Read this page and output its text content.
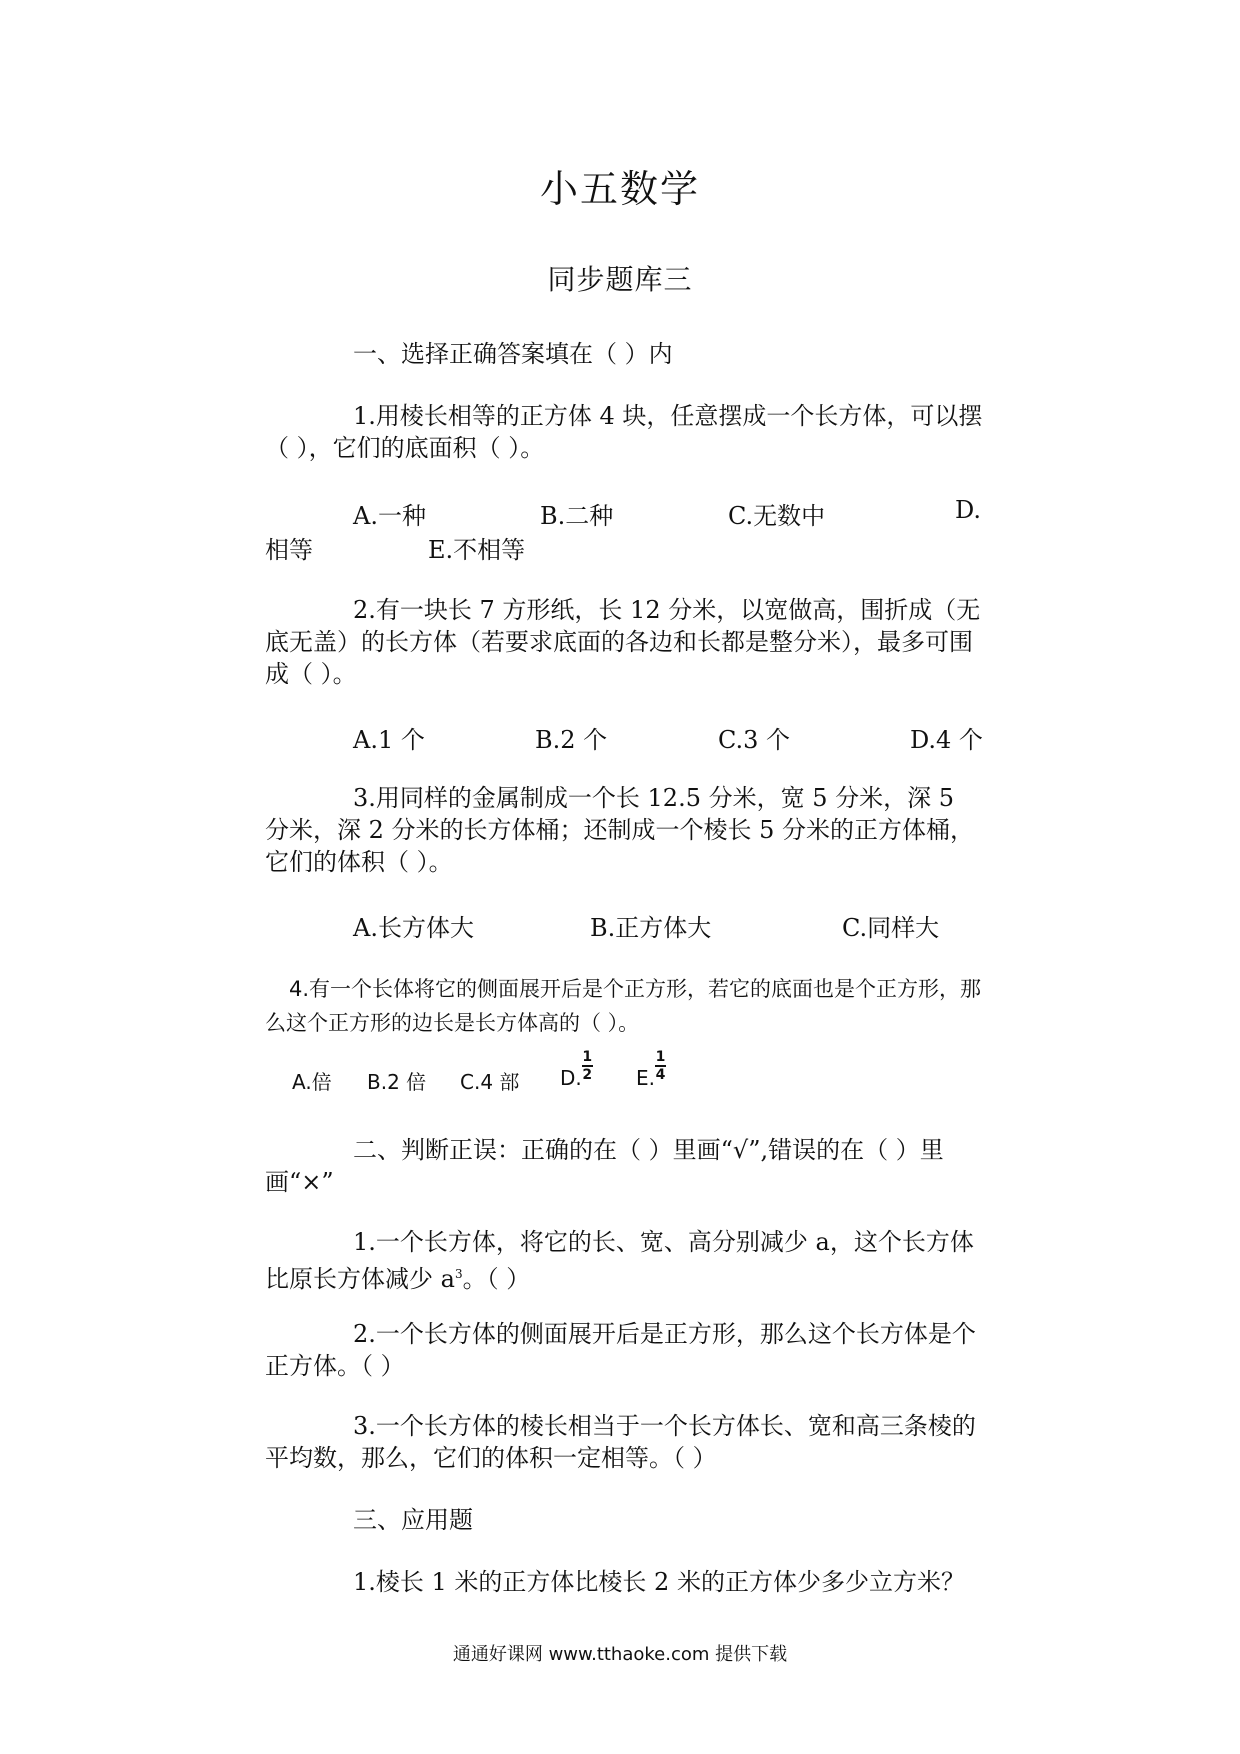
小五数学
同步题库三
一、选择正确答案填在（ ）内
1.用棱长相等的正方体 4 块，任意摆成一个长方体，可以摆（ ），它们的底面积（ ）。
A.一种	B.二种	C.无数中	D.
相等	E.不相等
2.有一块长 7 方形纸，长 12 分米，以宽做高，围折成（无底无盖）的长方体（若要求底面的各边和长都是整分米），最多可围成（ ）。
A.1 个	B.2 个	C.3 个	D.4 个
3.用同样的金属制成一个长 12.5 分米，宽 5 分米，深 5 分米，深 2 分米的长方体桶；还制成一个棱长 5 分米的正方体桶，它们的体积（ ）。
A.长方体大	B.正方体大	C.同样大
4.有一个长体将它的侧面展开后是个正方形，若它的底面也是个正方形，那么这个正方形的边长是长方体高的（ ）。
A.倍 B.2 倍 C.4 部 D. $\frac{1}{2} E$. $\frac{1}{4}$
二、判断正误：正确的在（ ）里画“√”,错误的在（ ）里画“×”
1.一个长方体，将它的长、宽、高分别减少 a，这个长方体比原长方体减少 $a^3$。（ ）
2.一个长方体的侧面展开后是正方形，那么这个长方体是个正方体。（ ）
3.一个长方体的棱长相当于一个长方体长、宽和高三条棱的平均数，那么，它们的体积一定相等。（ ）
三、应用题
1.棱长 1 米的正方体比棱长 2 米的正方体少多少立方米？
通通好课网 www.tthaoke.com 提供下载
